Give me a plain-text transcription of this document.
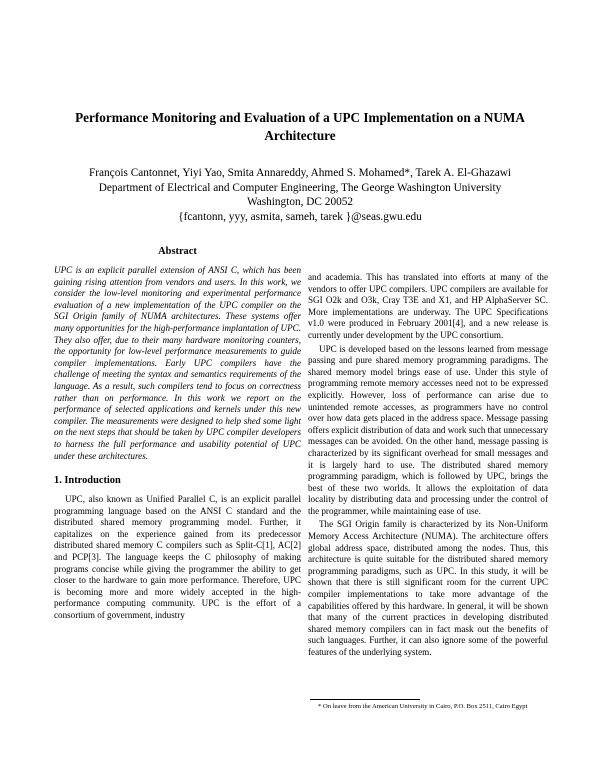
Performance Monitoring and Evaluation of a UPC Implementation on a NUMA Architecture
François Cantonnet, Yiyi Yao, Smita Annareddy, Ahmed S. Mohamed*, Tarek A. El-Ghazawi
Department of Electrical and Computer Engineering, The George Washington University
Washington, DC 20052
{fcantonn, yyy, asmita, sameh, tarek }@seas.gwu.edu
Abstract

UPC is an explicit parallel extension of ANSI C, which has been gaining rising attention from vendors and users. In this work, we consider the low-level monitoring and experimental performance evaluation of a new implementation of the UPC compiler on the SGI Origin family of NUMA architectures. These systems offer many opportunities for the high-performance implantation of UPC. They also offer, due to their many hardware monitoring counters, the opportunity for low-level performance measurements to guide compiler implementations. Early UPC compilers have the challenge of meeting the syntax and semantics requirements of the language. As a result, such compilers tend to focus on correctness rather than on performance. In this work we report on the performance of selected applications and kernels under this new compiler. The measurements were designed to help shed some light on the next steps that should be taken by UPC compiler developers to harness the full performance and usability potential of UPC under these architectures.

1. Introduction

UPC, also known as Unified Parallel C, is an explicit parallel programming language based on the ANSI C standard and the distributed shared memory programming model. Further, it capitalizes on the experience gained from its predecessor distributed shared memory C compilers such as Split-C[1], AC[2] and PCP[3]. The language keeps the C philosophy of making programs concise while giving the programmer the ability to get closer to the hardware to gain more performance. Therefore, UPC is becoming more and more widely accepted in the high-performance computing community. UPC is the effort of a consortium of government, industry

and academia. This has translated into efforts at many of the vendors to offer UPC compilers. UPC compilers are available for SGI O2k and O3k, Cray T3E and X1, and HP AlphaServer SC. More implementations are underway. The UPC Specifications v1.0 were produced in February 2001[4], and a new release is currently under development by the UPC consortium.

UPC is developed based on the lessons learned from message passing and pure shared memory programming paradigms. The shared memory model brings ease of use. Under this style of programming remote memory accesses need not to be expressed explicitly. However, loss of performance can arise due to unintended remote accesses, as programmers have no control over how data gets placed in the address space. Message passing offers explicit distribution of data and work such that unnecessary messages can be avoided. On the other hand, message passing is characterized by its significant overhead for small messages and it is largely hard to use. The distributed shared memory programming paradigm, which is followed by UPC, brings the best of these two worlds. It allows the exploitation of data locality by distributing data and processing under the control of the programmer, while maintaining ease of use.

The SGI Origin family is characterized by its Non-Uniform Memory Access Architecture (NUMA). The architecture offers global address space, distributed among the nodes. Thus, this architecture is quite suitable for the distributed shared memory programming paradigms, such as UPC. In this study, it will be shown that there is still significant room for the current UPC compiler implementations to take more advantage of the capabilities offered by this hardware. In general, it will be shown that many of the current practices in developing distributed shared memory compilers can in fact mask out the benefits of such languages. Further, it can also ignore some of the powerful features of the underlying system.

* On leave from the American University in Cairo, P.O. Box 2511, Cairo Egypt
